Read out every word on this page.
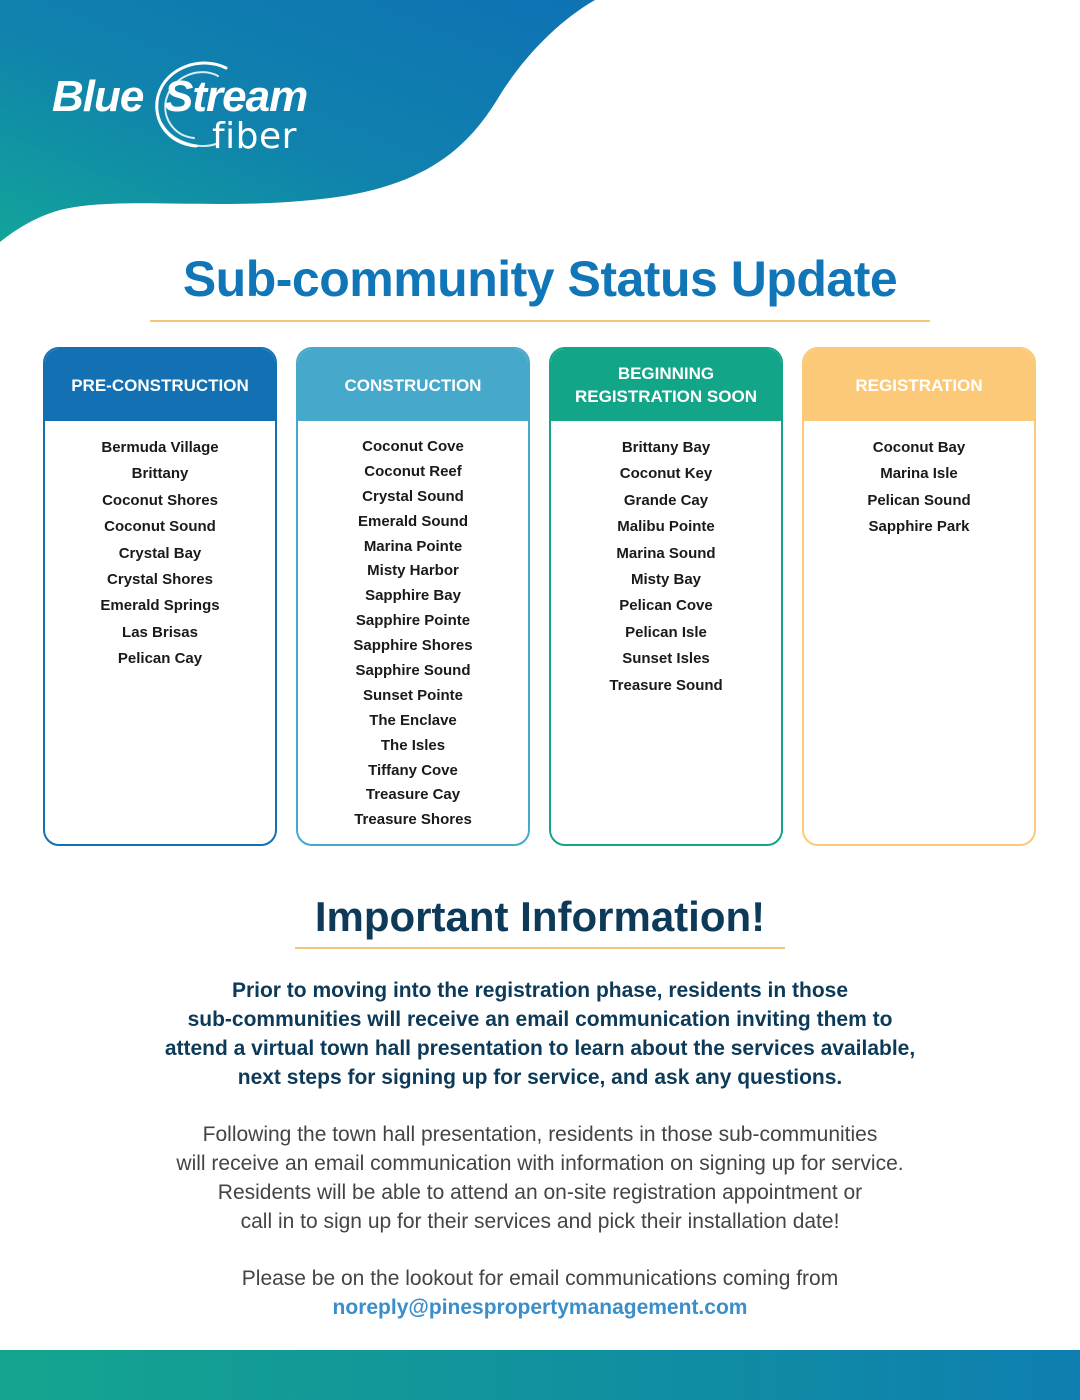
Blue Stream
fiber
Sub-community Status Update
PRE-CONSTRUCTION
Bermuda Village
Brittany
Coconut Shores
Coconut Sound
Crystal Bay
Crystal Shores
Emerald Springs
Las Brisas
Pelican Cay
CONSTRUCTION
Coconut Cove
Coconut Reef
Crystal Sound
Emerald Sound
Marina Pointe
Misty Harbor
Sapphire Bay
Sapphire Pointe
Sapphire Shores
Sapphire Sound
Sunset Pointe
The Enclave
The Isles
Tiffany Cove
Treasure Cay
Treasure Shores
BEGINNING
REGISTRATION SOON
Brittany Bay
Coconut Key
Grande Cay
Malibu Pointe
Marina Sound
Misty Bay
Pelican Cove
Pelican Isle
Sunset Isles
Treasure Sound
REGISTRATION
Coconut Bay
Marina Isle
Pelican Sound
Sapphire Park
Important Information!
Prior to moving into the registration phase, residents in those
sub-communities will receive an email communication inviting them to
attend a virtual town hall presentation to learn about the services available,
next steps for signing up for service, and ask any questions.
Following the town hall presentation, residents in those sub-communities
will receive an email communication with information on signing up for service.
Residents will be able to attend an on-site registration appointment or
call in to sign up for their services and pick their installation date!
Please be on the lookout for email communications coming from
noreply@pinespropertymanagement.com
